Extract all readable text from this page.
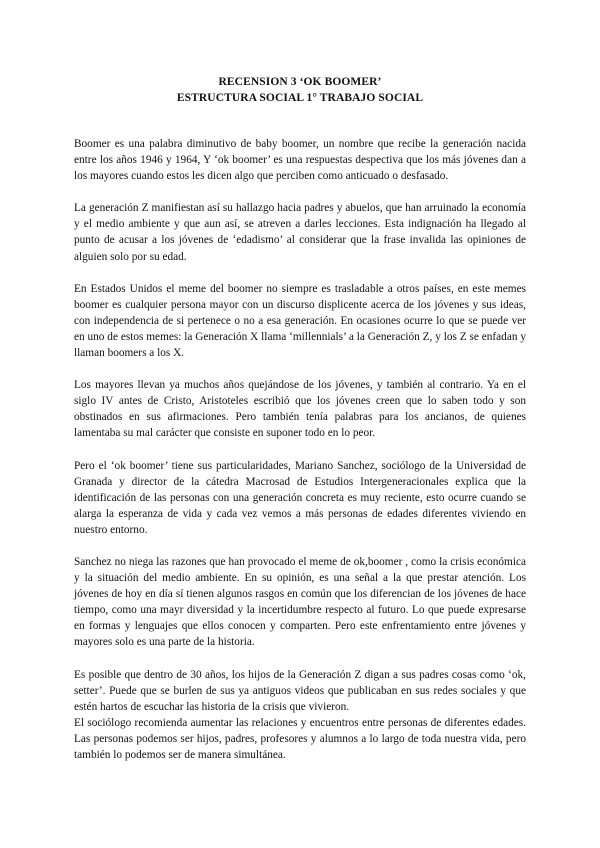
RECENSION 3 ‘OK BOOMER’
ESTRUCTURA SOCIAL 1° TRABAJO SOCIAL

Boomer es una palabra diminutivo de baby boomer, un nombre que recibe la generación nacida entre los años 1946 y 1964, Y ‘ok boomer’ es una respuestas despectiva que los más jóvenes dan a los mayores cuando estos les dicen algo que perciben como anticuado o desfasado.

La generación Z manifiestan así su hallazgo hacia padres y abuelos, que han arruinado la economía y el medio ambiente y que aun así, se atreven a darles lecciones. Esta indignación ha llegado al punto de acusar a los jóvenes de ‘edadismo’ al considerar que la frase invalida las opiniones de alguien solo por su edad.

En Estados Unidos el meme del boomer no siempre es trasladable a otros países, en este memes boomer es cualquier persona mayor con un discurso displicente acerca de los jóvenes y sus ideas, con independencia de si pertenece o no a esa generación. En ocasiones ocurre lo que se puede ver en uno de estos memes: la Generación X llama ‘millennials’ a la Generación Z, y los Z se enfadan y llaman boomers a los X.

Los mayores llevan ya muchos años quejándose de los jóvenes, y también al contrario. Ya en el siglo IV antes de Cristo, Aristoteles escribió que los jóvenes creen que lo saben todo y son obstinados en sus afirmaciones. Pero también tenía palabras para los ancianos, de quienes lamentaba su mal carácter que consiste en suponer todo en lo peor.

Pero el ‘ok boomer’ tiene sus particularidades, Mariano Sanchez, sociólogo de la Universidad de Granada y director de la cátedra Macrosad de Estudios Intergeneracionales explica que la identificación de las personas con una generación concreta es muy reciente, esto ocurre cuando se alarga la esperanza de vida y cada vez vemos a más personas de edades diferentes viviendo en nuestro entorno.

Sanchez no niega las razones que han provocado el meme de ok,boomer , como la crisis económica y la situación del medio ambiente. En su opinión, es una señal a la que prestar atención. Los jóvenes de hoy en día sí tienen algunos rasgos en común que los diferencian de los jóvenes de hace tiempo, como una mayr diversidad y la incertidumbre respecto al futuro. Lo que puede expresarse en formas y lenguajes que ellos conocen y comparten. Pero este enfrentamiento entre jóvenes y mayores solo es una parte de la historia.

Es posible que dentro de 30 años, los hijos de la Generación Z digan a sus padres cosas como ‘ok, setter’. Puede que se burlen de sus ya antiguos videos que publicaban en sus redes sociales y que estén hartos de escuchar las historia de la crisis que vivieron.

El sociólogo recomienda aumentar las relaciones y encuentros entre personas de diferentes edades. Las personas podemos ser hijos, padres, profesores y alumnos a lo largo de toda nuestra vida, pero también lo podemos ser de manera simultánea.
